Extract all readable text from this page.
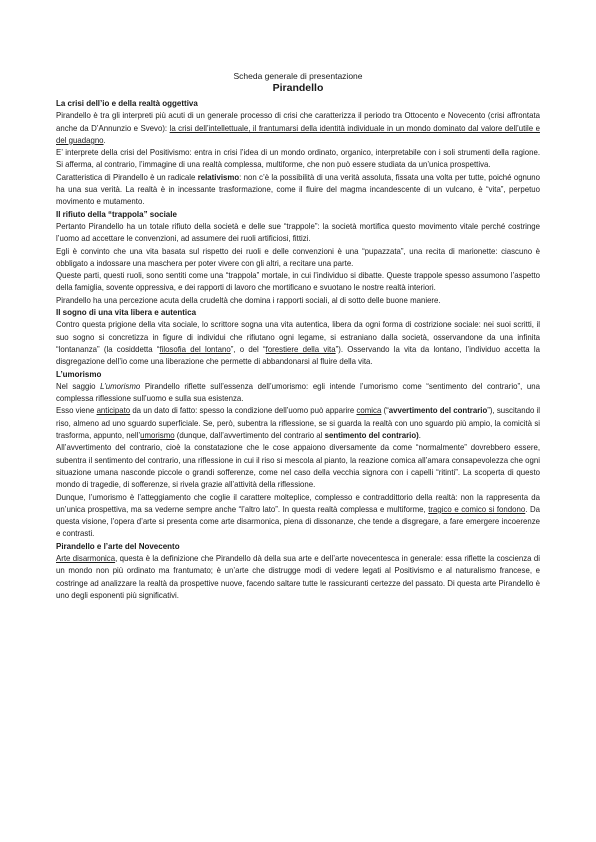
Scheda generale di presentazione
Pirandello
La crisi dell’io e della realtà oggettiva

Pirandello è tra gli interpreti più acuti di un generale processo di crisi che caratterizza il periodo tra Ottocento e Novecento (crisi affrontata anche da D’Annunzio e Svevo): la crisi dell’intellettuale, il frantumarsi della identità individuale in un mondo dominato dal valore dell’utile e del guadagno.

E’ interprete della crisi del Positivismo: entra in crisi l’idea di un mondo ordinato, organico, interpretabile con i soli strumenti della ragione. Si afferma, al contrario, l’immagine di una realtà complessa, multiforme, che non può essere studiata da un’unica prospettiva.

Caratteristica di Pirandello è un radicale relativismo: non c’è la possibilità di una verità assoluta, fissata una volta per tutte, poiché ognuno ha una sua verità. La realtà è in incessante trasformazione, come il fluire del magma incandescente di un vulcano, è “vita”, perpetuo movimento e mutamento.

Il rifiuto della “trappola” sociale

Pertanto Pirandello ha un totale rifiuto della società e delle sue “trappole”: la società mortifica questo movimento vitale perché costringe l’uomo ad accettare le convenzioni, ad assumere dei ruoli artificiosi, fittizi.

Egli è convinto che una vita basata sul rispetto dei ruoli e delle convenzioni è una “pupazzata”, una recita di marionette: ciascuno è obbligato a indossare una maschera per poter vivere con gli altri, a recitare una parte.

Queste parti, questi ruoli, sono sentiti come una “trappola” mortale, in cui l’individuo si dibatte. Queste trappole spesso assumono l’aspetto della famiglia, sovente oppressiva, e dei rapporti di lavoro che mortificano e svuotano le nostre realtà interiori.

Pirandello ha una percezione acuta della crudeltà che domina i rapporti sociali, al di sotto delle buone maniere.

Il sogno di una vita libera e autentica

Contro questa prigione della vita sociale, lo scrittore sogna una vita autentica, libera da ogni forma di costrizione sociale: nei suoi scritti, il suo sogno si concretizza in figure di individui che rifiutano ogni legame, si estraniano dalla società, osservandone da una infinita “lontananza” (la cosiddetta “filosofia del lontano”, o del “forestiere della vita”). Osservando la vita da lontano, l’individuo accetta la disgregazione dell’io come una liberazione che permette di abbandonarsi al fluire della vita.

L’umorismo

Nel saggio L’umorismo Pirandello riflette sull’essenza dell’umorismo: egli intende l’umorismo come “sentimento del contrario”, una complessa riflessione sull’uomo e sulla sua esistenza.

Esso viene anticipato da un dato di fatto: spesso la condizione dell’uomo può apparire comica (“avvertimento del contrario”), suscitando il riso, almeno ad uno sguardo superficiale. Se, però, subentra la riflessione, se si guarda la realtà con uno sguardo più ampio, la comicità si trasforma, appunto, nell’umorismo (dunque, dall’avvertimento del contrario al sentimento del contrario).

All’avvertimento del contrario, cioè la constatazione che le cose appaiono diversamente da come “normalmente” dovrebbero essere, subentra il sentimento del contrario, una riflessione in cui il riso si mescola al pianto, la reazione comica all’amara consapevolezza che ogni situazione umana nasconde piccole o grandi sofferenze, come nel caso della vecchia signora con i capelli “ritinti”. La scoperta di questo mondo di tragedie, di sofferenze, si rivela grazie all’attività della riflessione.

Dunque, l’umorismo è l’atteggiamento che coglie il carattere molteplice, complesso e contraddittorio della realtà: non la rappresenta da un’unica prospettiva, ma sa vederne sempre anche “l’altro lato”. In questa realtà complessa e multiforme, tragico e comico si fondono. Da questa visione, l’opera d’arte si presenta come arte disarmonica, piena di dissonanze, che tende a disgregare, a fare emergere incoerenze e contrasti.

Pirandello e l’arte del Novecento

Arte disarmonica, questa è la definizione che Pirandello dà della sua arte e dell’arte novecentesca in generale: essa riflette la coscienza di un mondo non più ordinato ma frantumato; è un’arte che distrugge modi di vedere legati al Positivismo e al naturalismo francese, e costringe ad analizzare la realtà da prospettive nuove, facendo saltare tutte le rassicuranti certezze del passato. Di questa arte Pirandello è uno degli esponenti più significativi.
